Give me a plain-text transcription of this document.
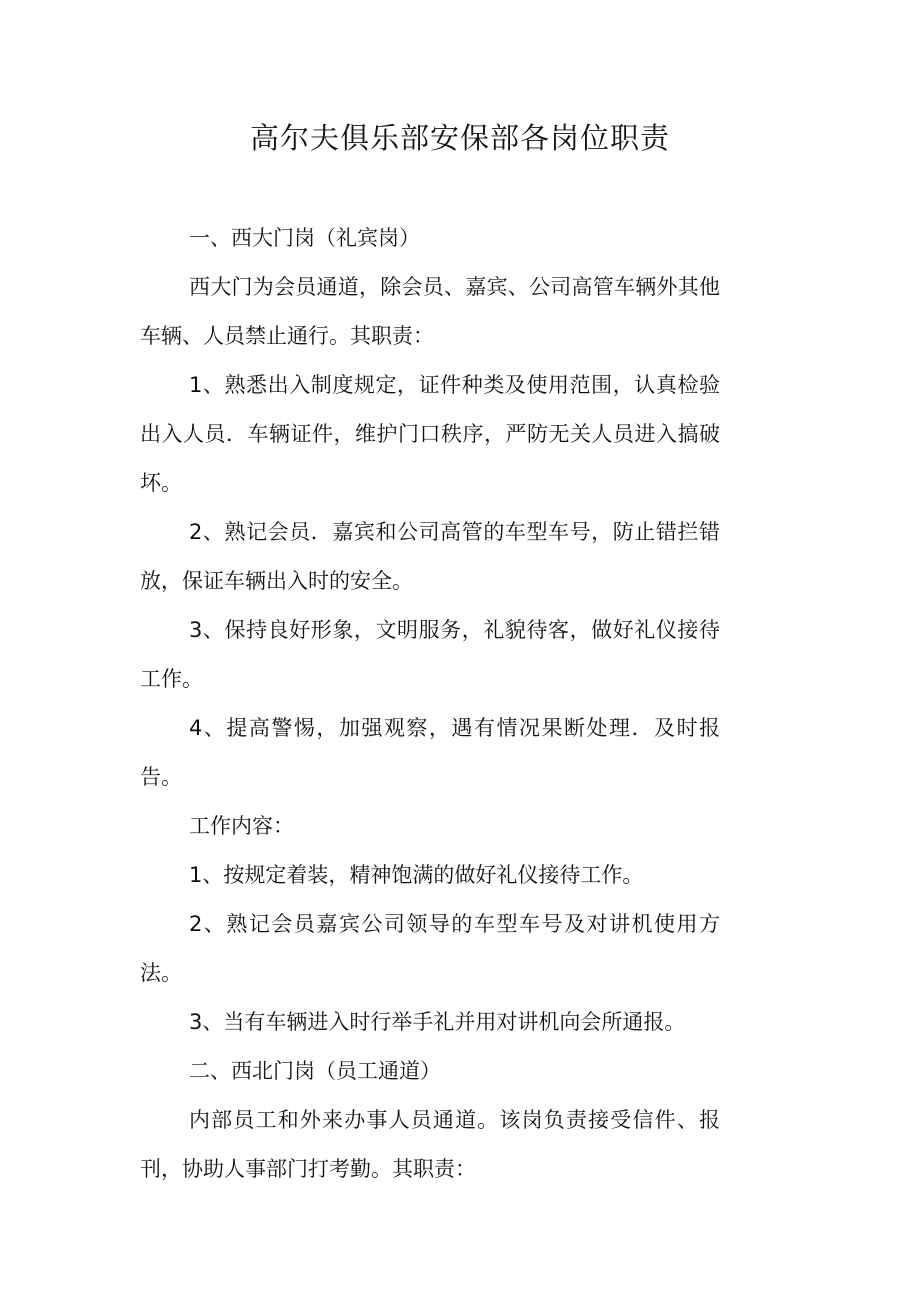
高尔夫俱乐部安保部各岗位职责

一、西大门岗（礼宾岗）

西大门为会员通道，除会员、嘉宾、公司高管车辆外其他车辆、人员禁止通行。其职责：

1、熟悉出入制度规定，证件种类及使用范围，认真检验出入人员．车辆证件，维护门口秩序，严防无关人员进入搞破坏。

2、熟记会员．嘉宾和公司高管的车型车号，防止错拦错放，保证车辆出入时的安全。

3、保持良好形象，文明服务，礼貌待客，做好礼仪接待工作。

4、提高警惕，加强观察，遇有情况果断处理．及时报告。

工作内容：

1、按规定着装，精神饱满的做好礼仪接待工作。

2、熟记会员嘉宾公司领导的车型车号及对讲机使用方法。

3、当有车辆进入时行举手礼并用对讲机向会所通报。

二、西北门岗（员工通道）

内部员工和外来办事人员通道。该岗负责接受信件、报刊，协助人事部门打考勤。其职责：
